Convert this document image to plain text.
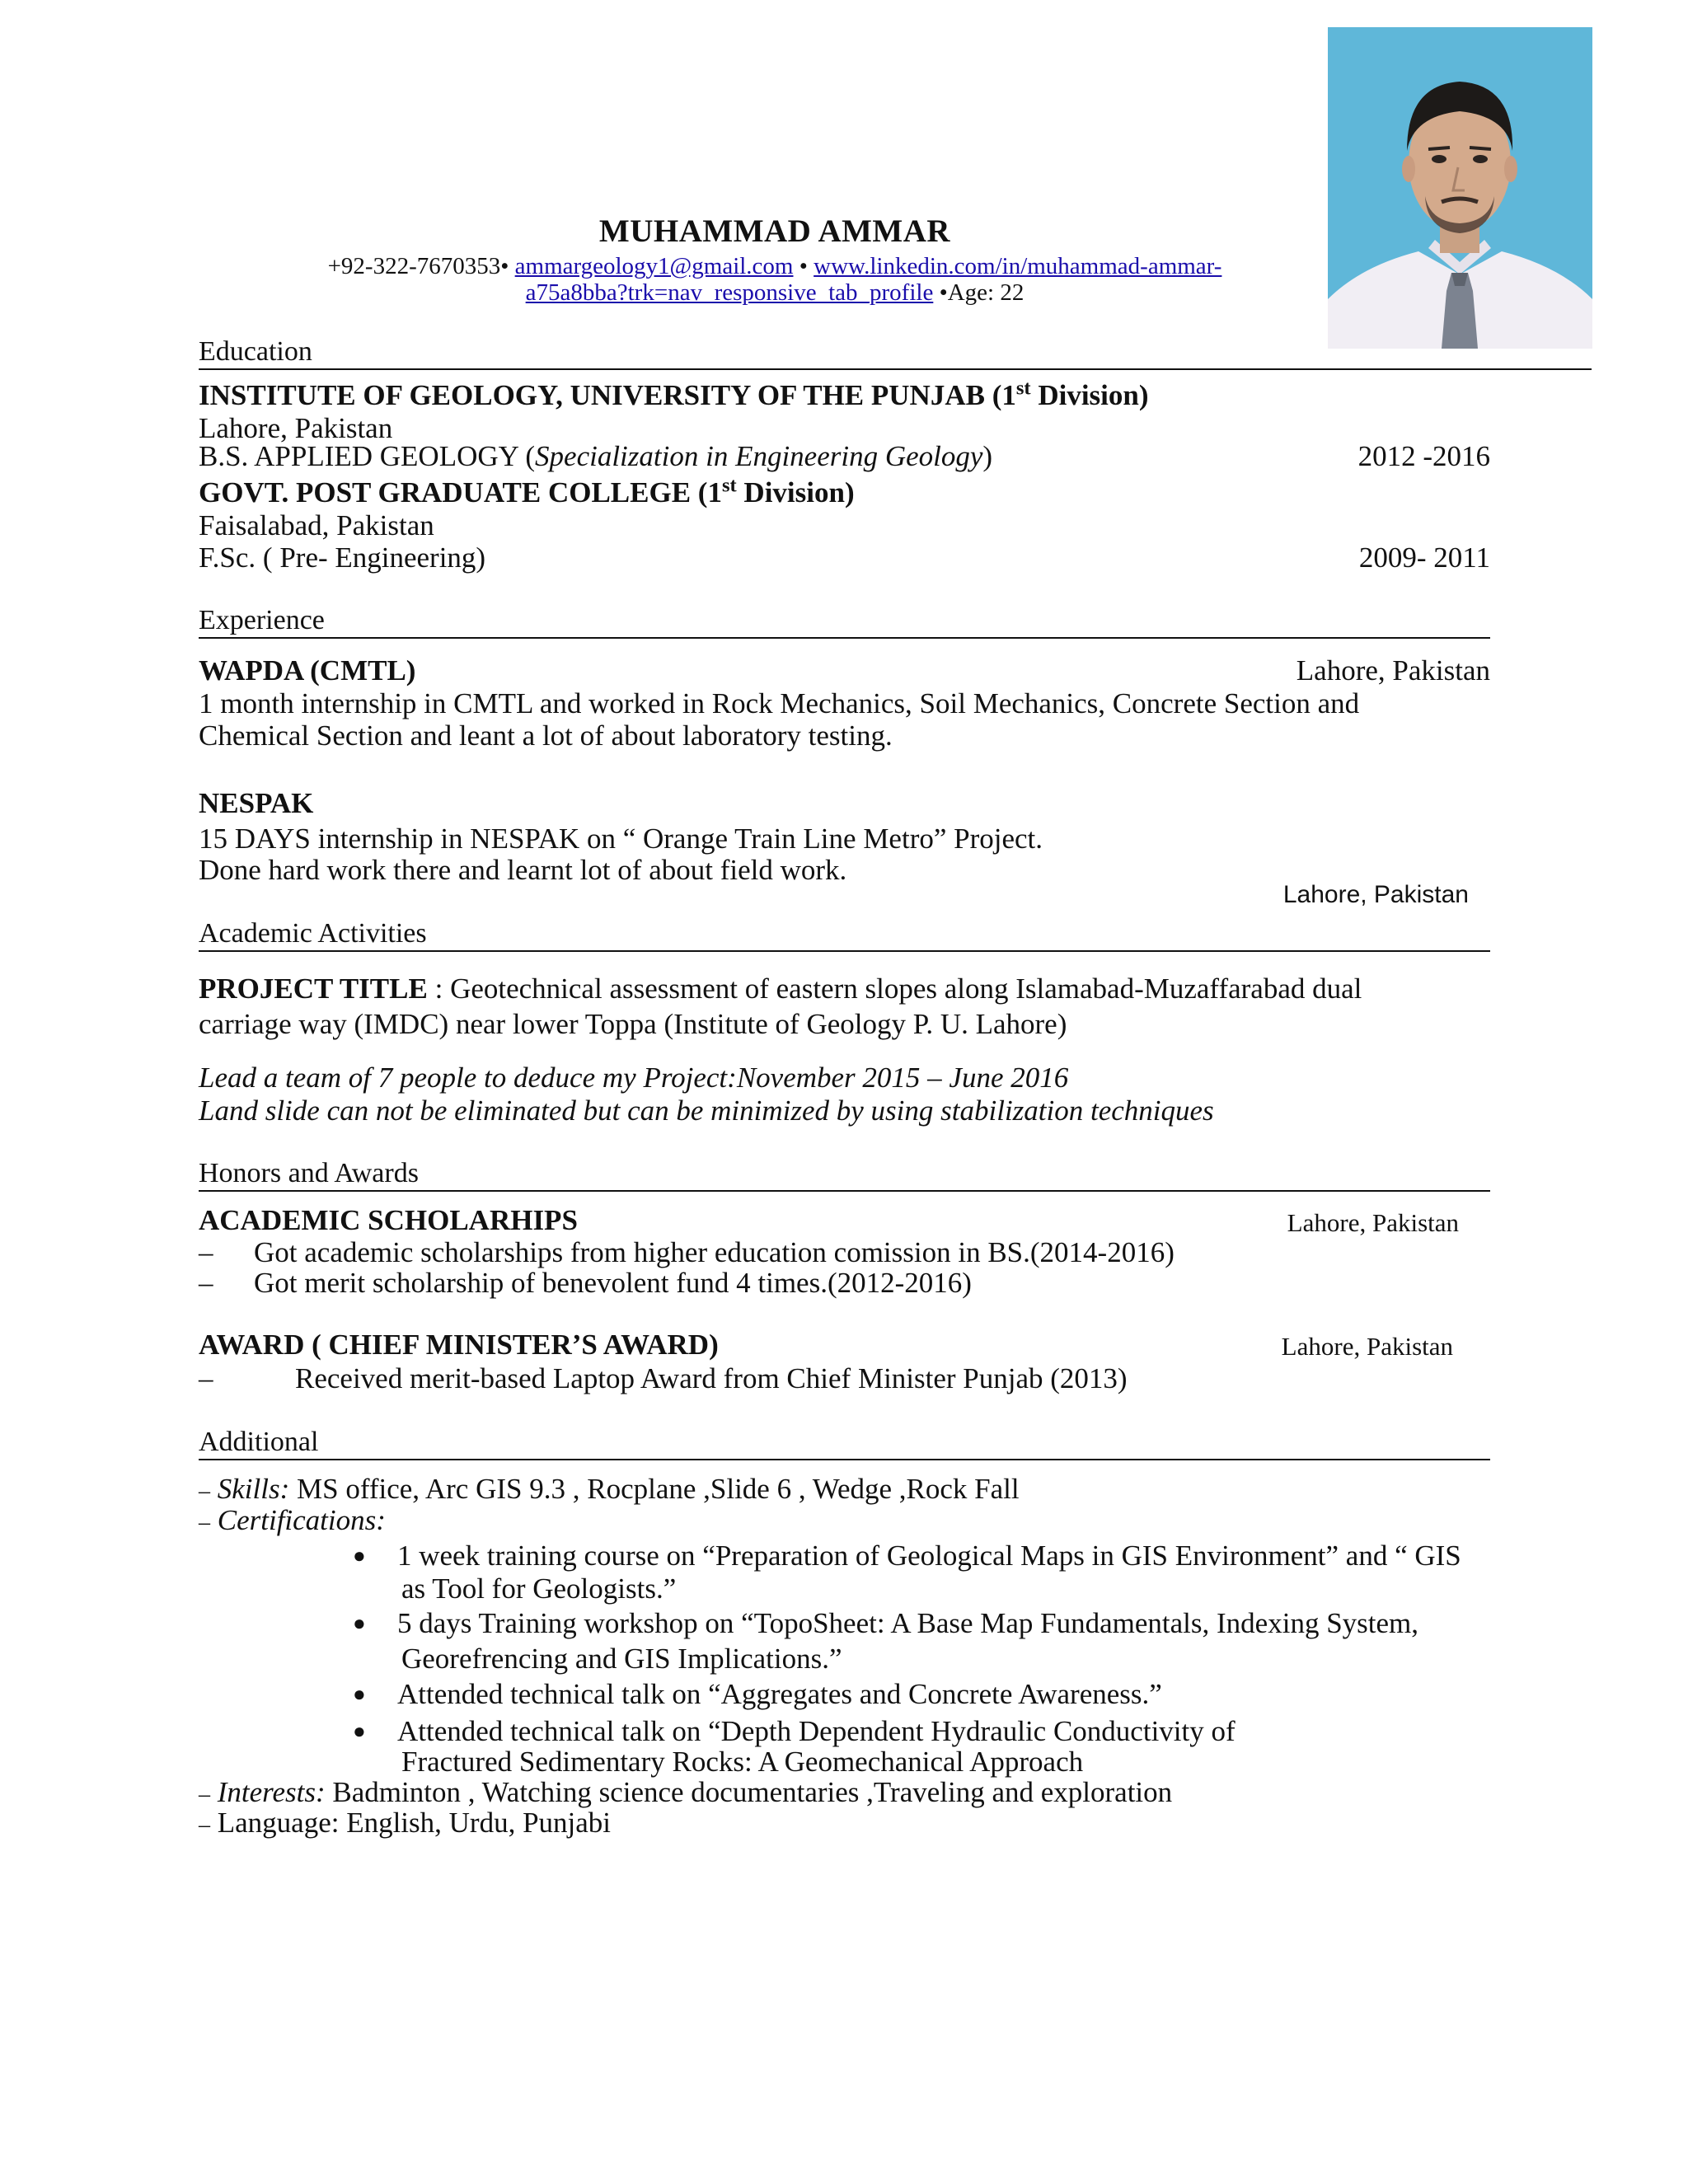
MUHAMMAD AMMAR
+92-322-7670353• ammargeology1@gmail.com • www.linkedin.com/in/muhammad-ammar-
a75a8bba?trk=nav_responsive_tab_profile •Age: 22
Education
INSTITUTE OF GEOLOGY, UNIVERSITY OF THE PUNJAB (1st Division)
Lahore, Pakistan
B.S. APPLIED GEOLOGY (Specialization in Engineering Geology)	2012 -2016
GOVT. POST GRADUATE COLLEGE (1st Division)
Faisalabad, Pakistan
F.Sc. ( Pre- Engineering)	2009- 2011
Experience
WAPDA (CMTL)	Lahore, Pakistan
1 month internship in CMTL and worked in Rock Mechanics, Soil Mechanics, Concrete Section and
Chemical Section and leant a lot of about laboratory testing.
NESPAK
15 DAYS internship in NESPAK on “ Orange Train Line Metro” Project.
Done hard work there and learnt lot of about field work.
Lahore, Pakistan
Academic Activities
PROJECT TITLE : Geotechnical assessment of eastern slopes along Islamabad-Muzaffarabad dual
carriage way (IMDC) near lower Toppa (Institute of Geology P. U. Lahore)
Lead a team of 7 people to deduce my Project:November 2015 – June 2016
Land slide can not be eliminated but can be minimized by using stabilization techniques
Honors and Awards
ACADEMIC SCHOLARHIPS	Lahore, Pakistan
– Got academic scholarships from higher education comission in BS.(2014-2016)
– Got merit scholarship of benevolent fund 4 times.(2012-2016)
AWARD ( CHIEF MINISTER’S AWARD)	Lahore, Pakistan
–	Received merit-based Laptop Award from Chief Minister Punjab (2013)
Additional
– Skills: MS office, Arc GIS 9.3 , Rocplane ,Slide 6 , Wedge ,Rock Fall
– Certifications:
● 1 week training course on “Preparation of Geological Maps in GIS Environment” and “ GIS
as Tool for Geologists.”
● 5 days Training workshop on “TopoSheet: A Base Map Fundamentals, Indexing System,
Georefrencing and GIS Implications.”
● Attended technical talk on “Aggregates and Concrete Awareness.”
● Attended technical talk on “Depth Dependent Hydraulic Conductivity of
Fractured Sedimentary Rocks: A Geomechanical Approach
– Interests: Badminton , Watching science documentaries ,Traveling and exploration
– Language: English, Urdu, Punjabi
